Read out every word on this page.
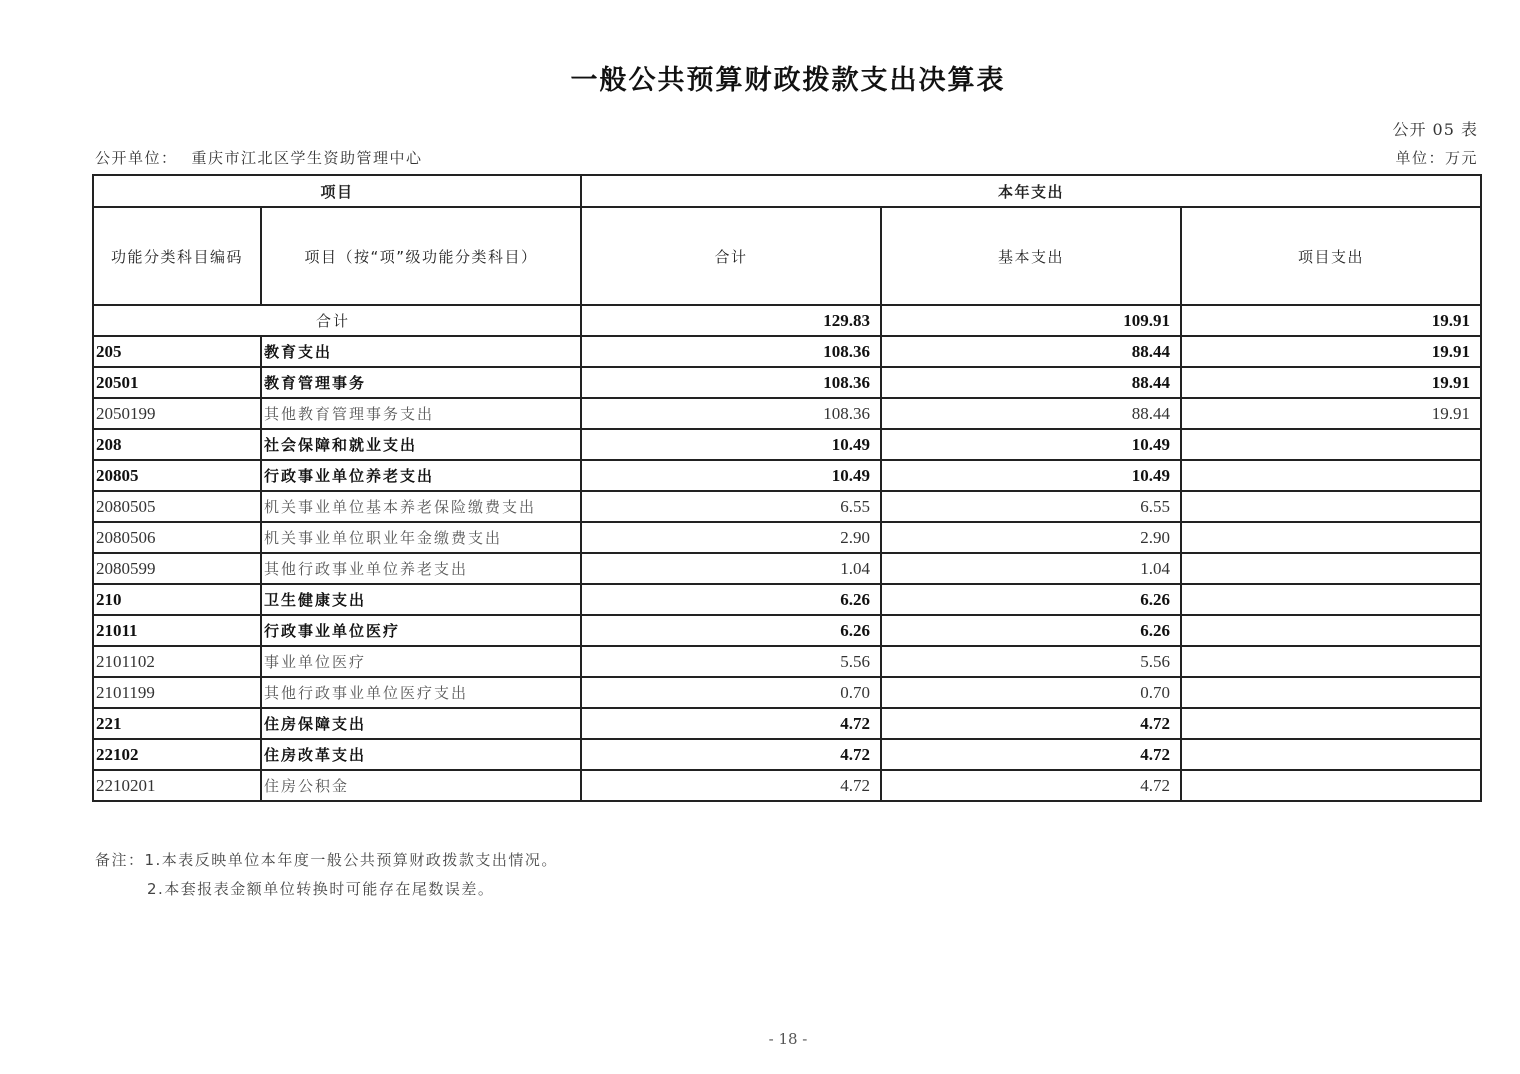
一般公共预算财政拨款支出决算表
公开 05 表
公开单位： 重庆市江北区学生资助管理中心	单位：万元
项目		本年支出		
功能分类科目编码	项目（按“项”级功能分类科目）	合计	基本支出	项目支出
合计		129.83	109.91	19.91
205	教育支出	108.36	88.44	19.91
20501	教育管理事务	108.36	88.44	19.91
2050199	其他教育管理事务支出	108.36	88.44	19.91
208	社会保障和就业支出	10.49	10.49	
20805	行政事业单位养老支出	10.49	10.49	
2080505	机关事业单位基本养老保险缴费支出	6.55	6.55	
2080506	机关事业单位职业年金缴费支出	2.90	2.90	
2080599	其他行政事业单位养老支出	1.04	1.04	
210	卫生健康支出	6.26	6.26	
21011	行政事业单位医疗	6.26	6.26	
2101102	事业单位医疗	5.56	5.56	
2101199	其他行政事业单位医疗支出	0.70	0.70	
221	住房保障支出	4.72	4.72	
22102	住房改革支出	4.72	4.72	
2210201	住房公积金	4.72	4.72	
备注：1.本表反映单位本年度一般公共预算财政拨款支出情况。
2.本套报表金额单位转换时可能存在尾数误差。
- 18 -
